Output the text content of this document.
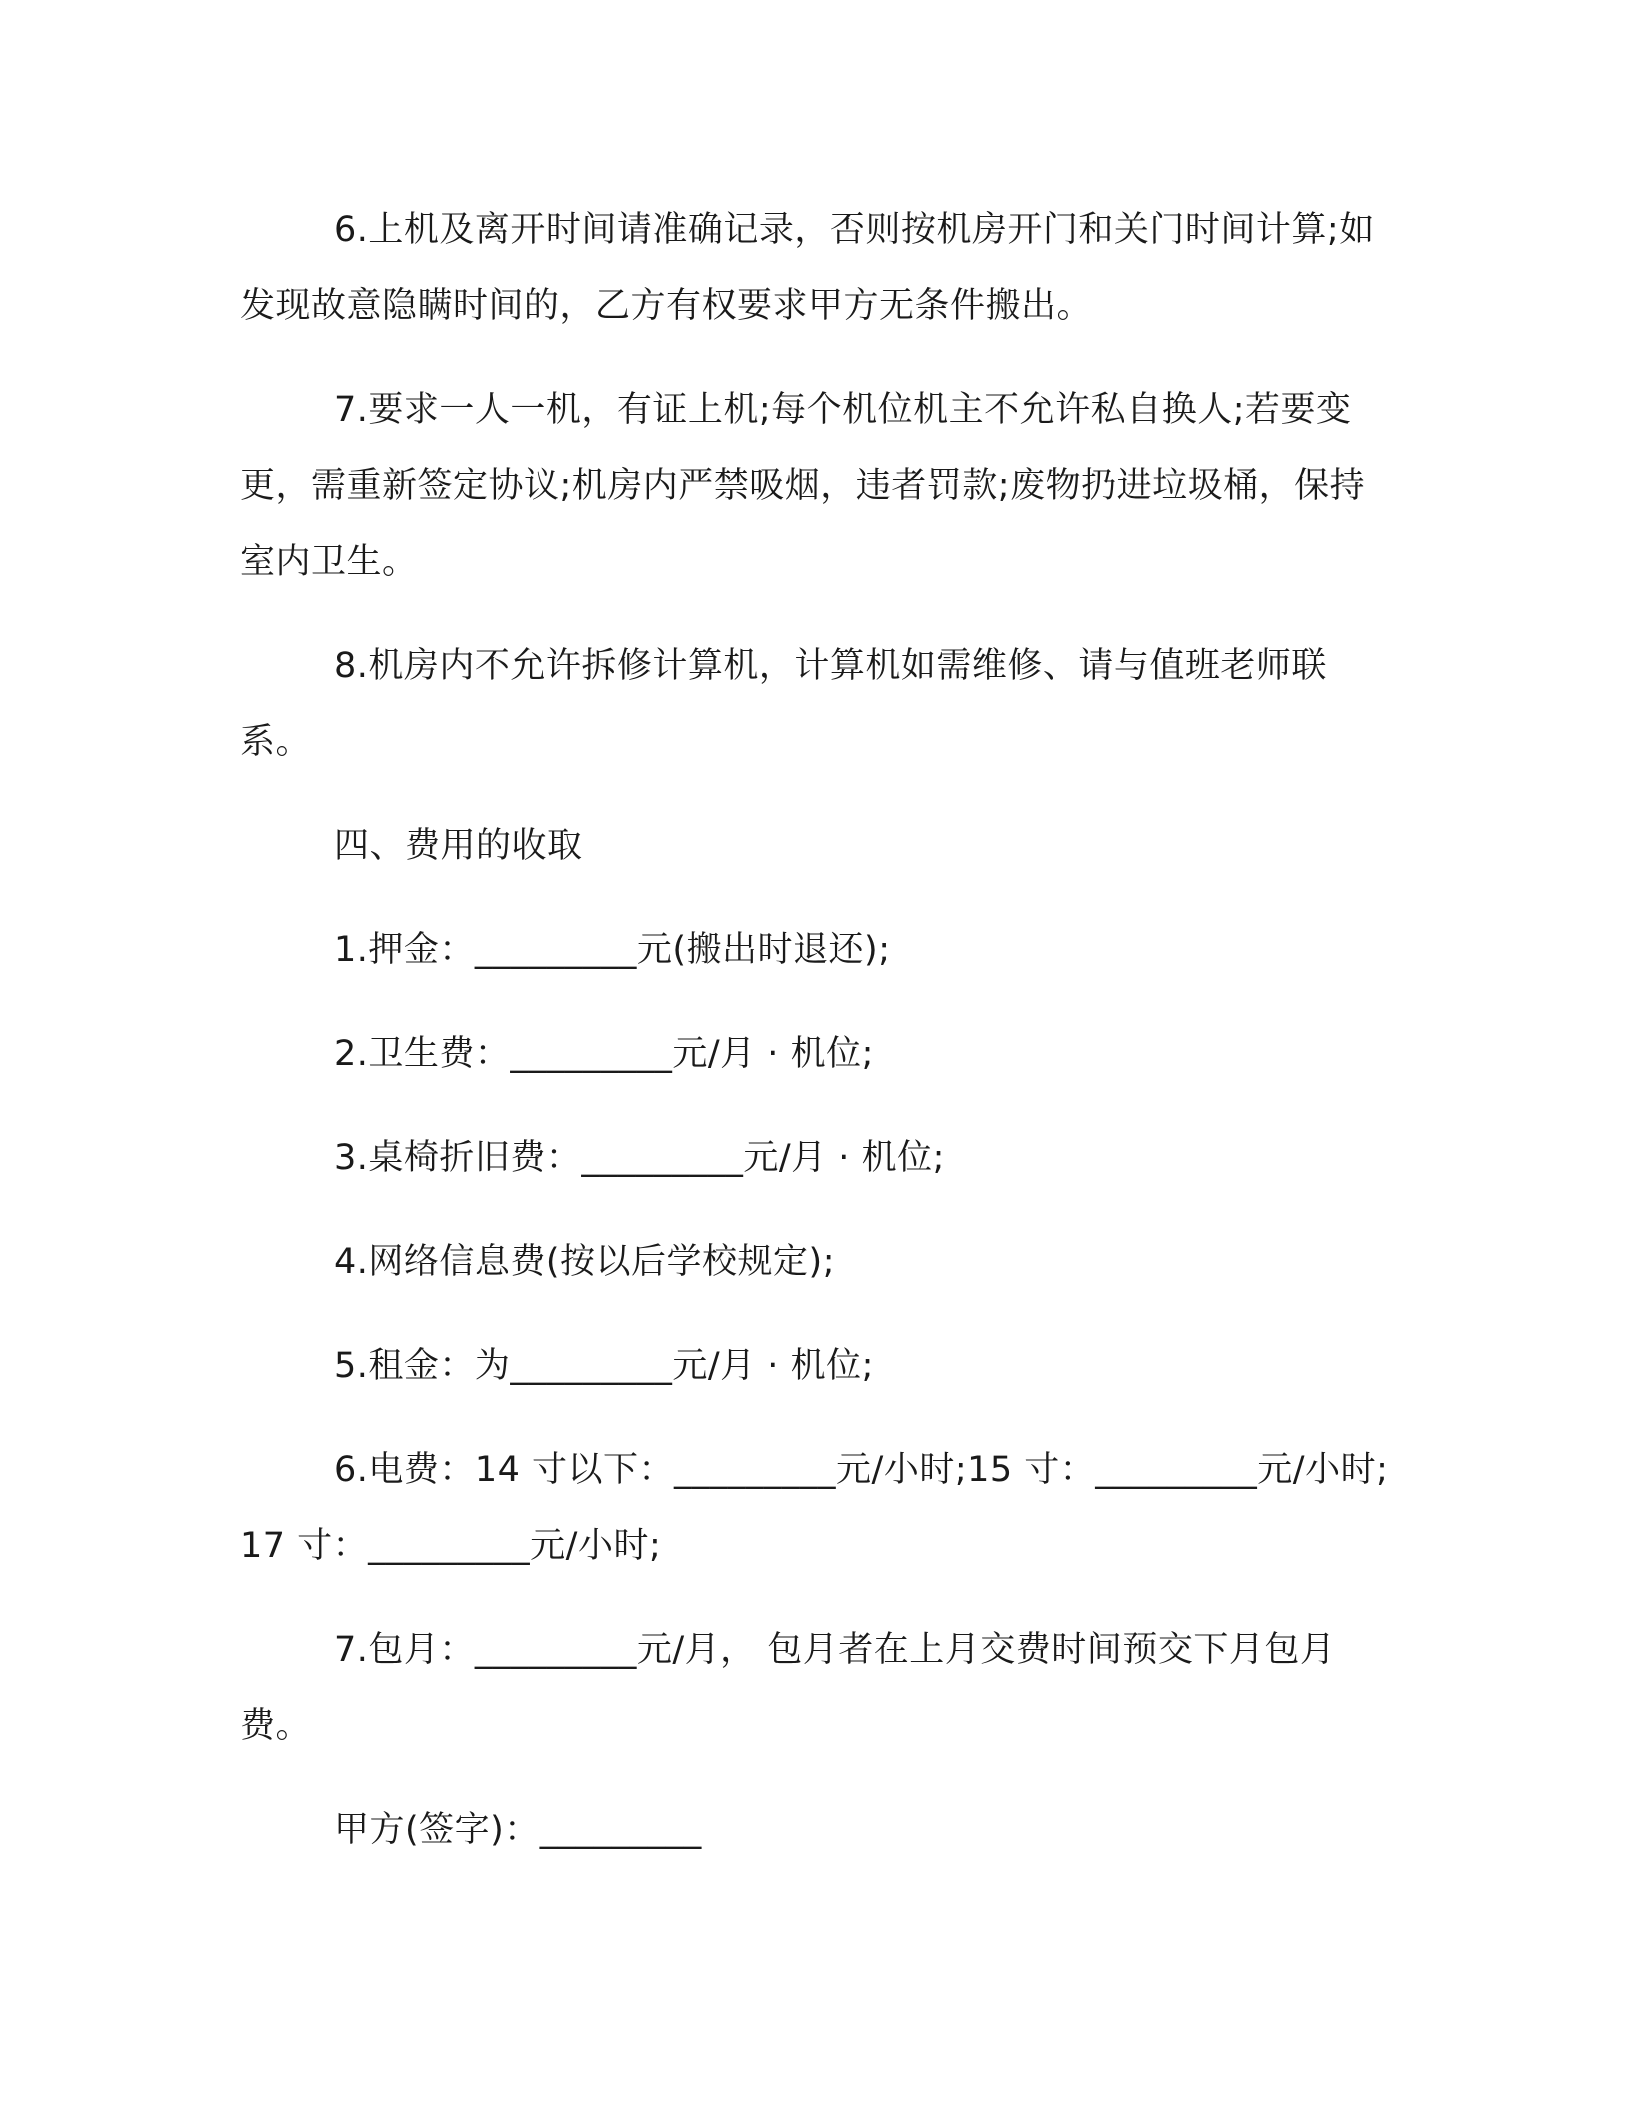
6.上机及离开时间请准确记录，否则按机房开门和关门时间计算;如发现故意隐瞒时间的，乙方有权要求甲方无条件搬出。

7.要求一人一机，有证上机;每个机位机主不允许私自换人;若要变更，需重新签定协议;机房内严禁吸烟，违者罚款;废物扔进垃圾桶，保持室内卫生。

8.机房内不允许拆修计算机，计算机如需维修、请与值班老师联系。

四、费用的收取

1.押金：_________元(搬出时退还);

2.卫生费：_________元/月 · 机位;

3.桌椅折旧费：_________元/月 · 机位;

4.网络信息费(按以后学校规定);

5.租金：为_________元/月 · 机位;

6.电费：14 寸以下：_________元/小时;15 寸：_________元/小时;17 寸：_________元/小时;

7.包月：_________元/月， 包月者在上月交费时间预交下月包月费。

甲方(签字)：_________
